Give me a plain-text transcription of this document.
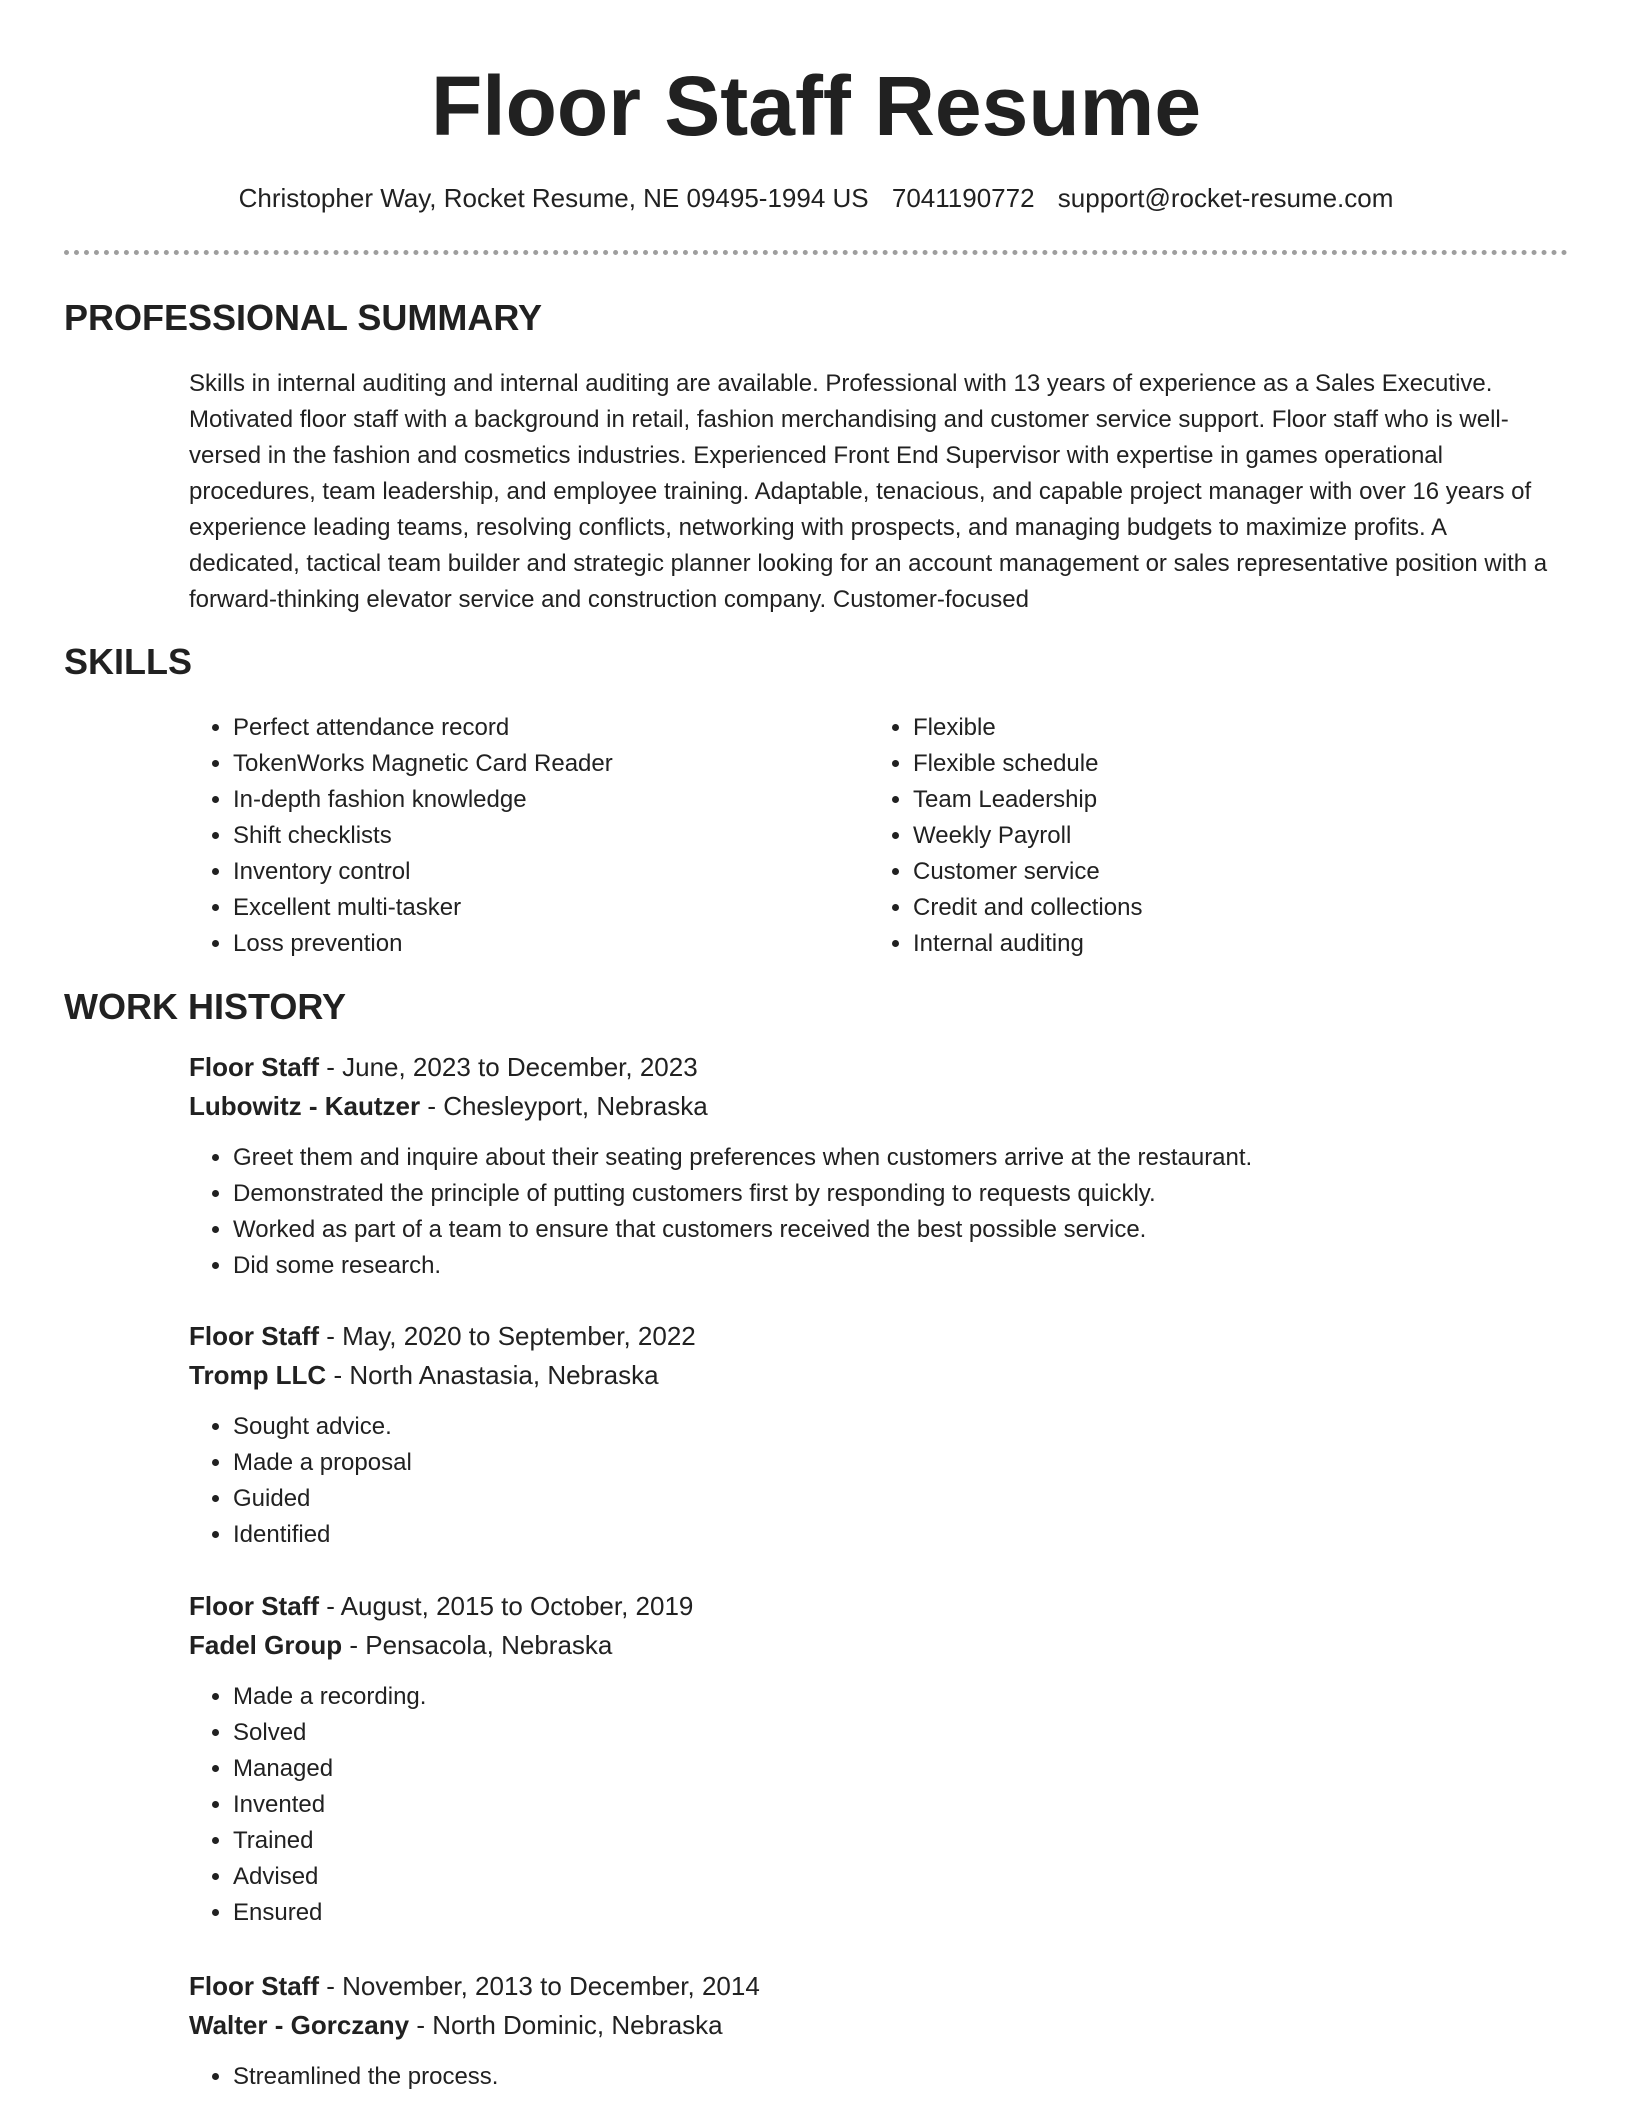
Floor Staff Resume
Christopher Way, Rocket Resume, NE 09495-1994 US 7041190772 support@rocket-resume.com
PROFESSIONAL SUMMARY

Skills in internal auditing and internal auditing are available. Professional with 13 years of experience as a Sales Executive. Motivated floor staff with a background in retail, fashion merchandising and customer service support. Floor staff who is well-versed in the fashion and cosmetics industries. Experienced Front End Supervisor with expertise in games operational procedures, team leadership, and employee training. Adaptable, tenacious, and capable project manager with over 16 years of experience leading teams, resolving conflicts, networking with prospects, and managing budgets to maximize profits. A dedicated, tactical team builder and strategic planner looking for an account management or sales representative position with a forward-thinking elevator service and construction company. Customer-focused

SKILLS
• Perfect attendance record
• TokenWorks Magnetic Card Reader
• In-depth fashion knowledge
• Shift checklists
• Inventory control
• Excellent multi-tasker
• Loss prevention
• Flexible
• Flexible schedule
• Team Leadership
• Weekly Payroll
• Customer service
• Credit and collections
• Internal auditing
WORK HISTORY

Floor Staff - June, 2023 to December, 2023

Lubowitz - Kautzer - Chesleyport, Nebraska

• Greet them and inquire about their seating preferences when customers arrive at the restaurant.
• Demonstrated the principle of putting customers first by responding to requests quickly.
• Worked as part of a team to ensure that customers received the best possible service.
• Did some research.

Floor Staff - May, 2020 to September, 2022

Tromp LLC - North Anastasia, Nebraska

• Sought advice.
• Made a proposal
• Guided
• Identified

Floor Staff - August, 2015 to October, 2019

Fadel Group - Pensacola, Nebraska

• Made a recording.
• Solved
• Managed
• Invented
• Trained
• Advised
• Ensured

Floor Staff - November, 2013 to December, 2014

Walter - Gorczany - North Dominic, Nebraska

• Streamlined the process.
